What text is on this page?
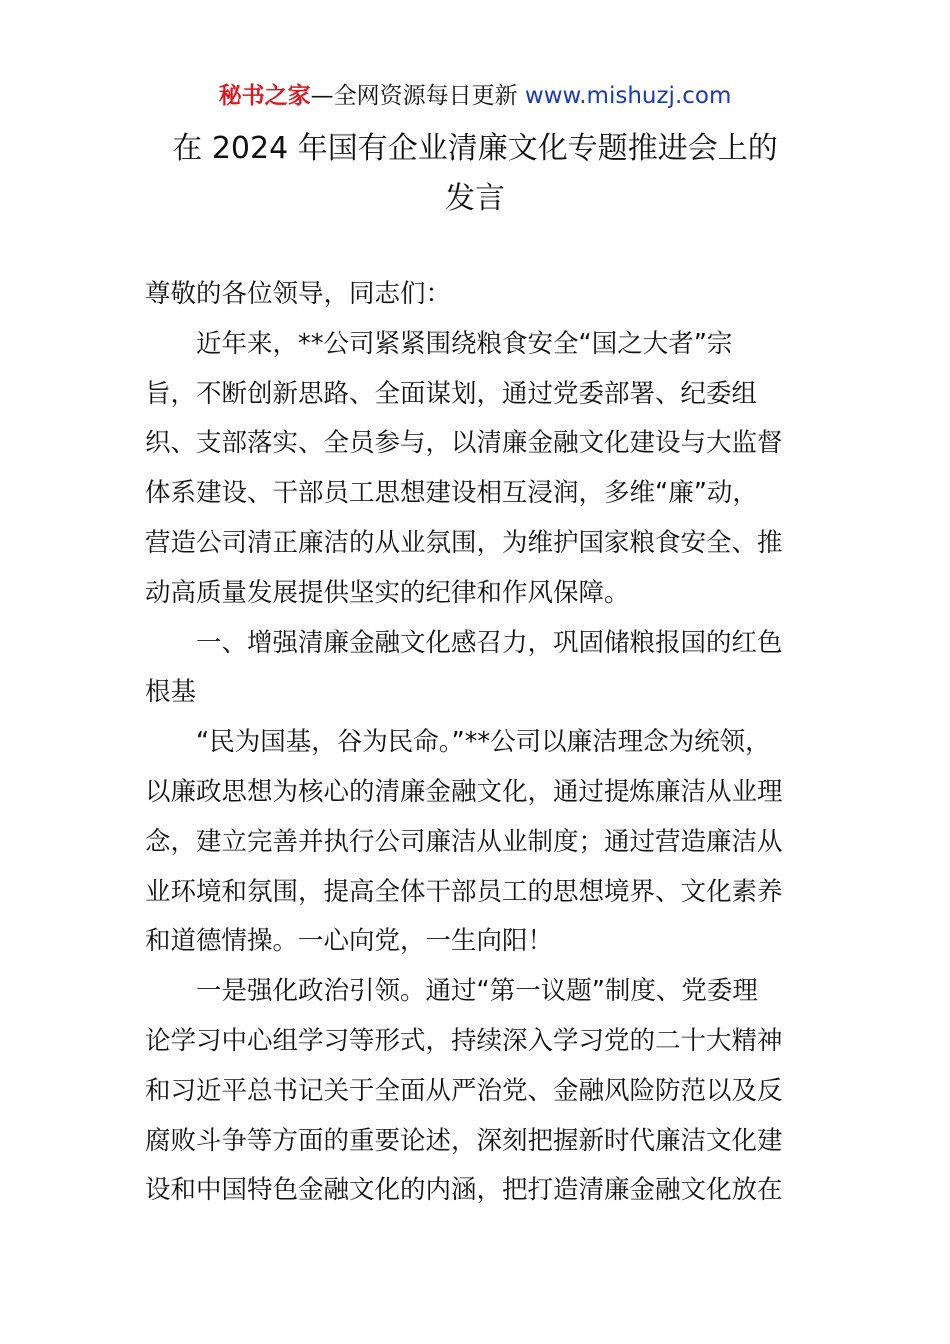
秘书之家—全网资源每日更新 www.mishuzj.com
在 2024 年国有企业清廉文化专题推进会上的
发言
尊敬的各位领导，同志们：
近年来，**公司紧紧围绕粮食安全“国之大者”宗
旨，不断创新思路、全面谋划，通过党委部署、纪委组
织、支部落实、全员参与，以清廉金融文化建设与大监督
体系建设、干部员工思想建设相互浸润，多维“廉”动，
营造公司清正廉洁的从业氛围，为维护国家粮食安全、推
动高质量发展提供坚实的纪律和作风保障。
一、增强清廉金融文化感召力，巩固储粮报国的红色
根基
“民为国基，谷为民命。”**公司以廉洁理念为统领，
以廉政思想为核心的清廉金融文化，通过提炼廉洁从业理
念，建立完善并执行公司廉洁从业制度；通过营造廉洁从
业环境和氛围，提高全体干部员工的思想境界、文化素养
和道德情操。一心向党，一生向阳！
一是强化政治引领。通过“第一议题”制度、党委理
论学习中心组学习等形式，持续深入学习党的二十大精神
和习近平总书记关于全面从严治党、金融风险防范以及反
腐败斗争等方面的重要论述，深刻把握新时代廉洁文化建
设和中国特色金融文化的内涵，把打造清廉金融文化放在
